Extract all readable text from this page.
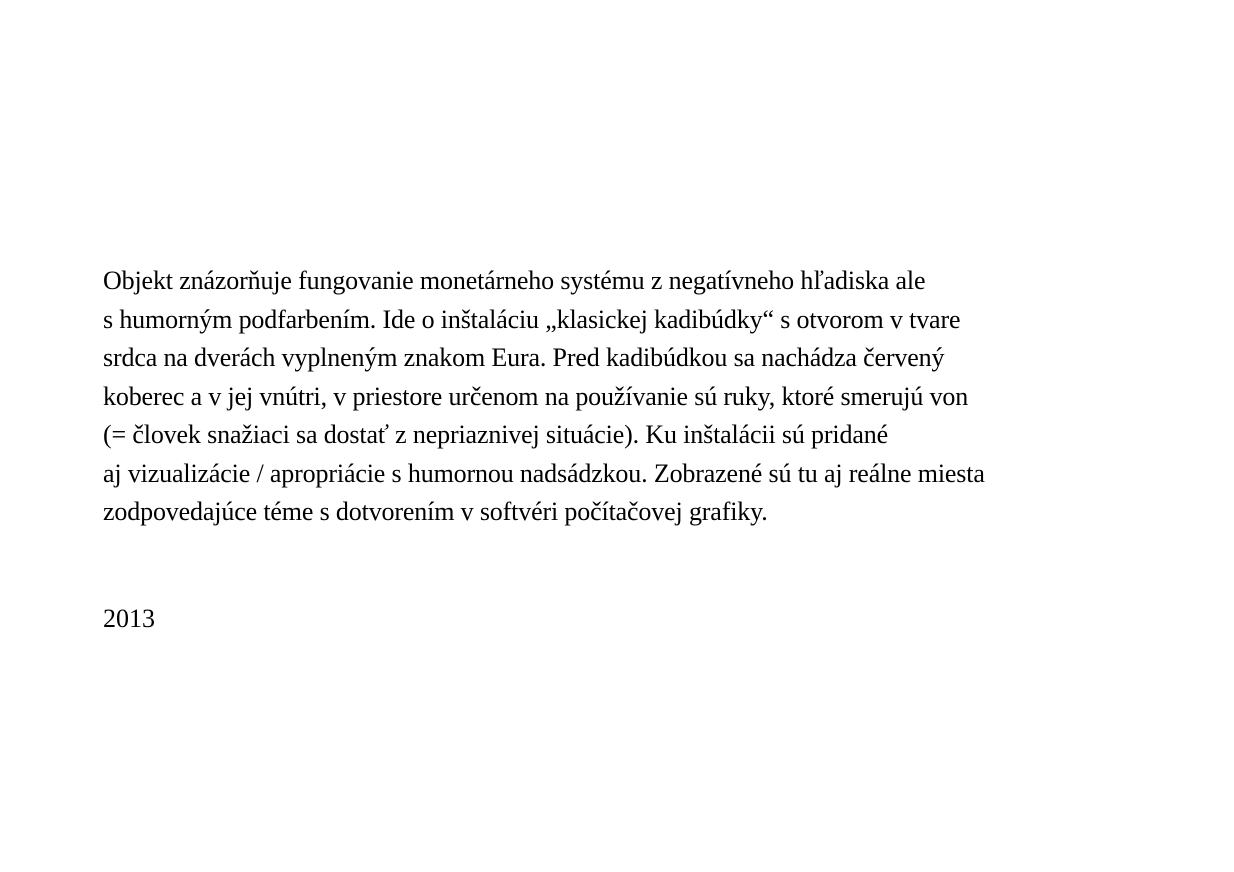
Objekt znázorňuje fungovanie monetárneho systému z negatívneho hľadiska ale
s humorným podfarbením. Ide o inštaláciu „klasickej kadibúdky“ s otvorom v tvare
srdca na dverách vyplneným znakom Eura. Pred kadibúdkou sa nachádza červený
koberec a v jej vnútri, v priestore určenom na používanie sú ruky, ktoré smerujú von
(= človek snažiaci sa dostať z nepriaznivej situácie). Ku inštalácii sú pridané
aj vizualizácie / apropriácie s humornou nadsádzkou. Zobrazené sú tu aj reálne miesta
zodpovedajúce téme s dotvorením v softvéri počítačovej grafiky.
2013
